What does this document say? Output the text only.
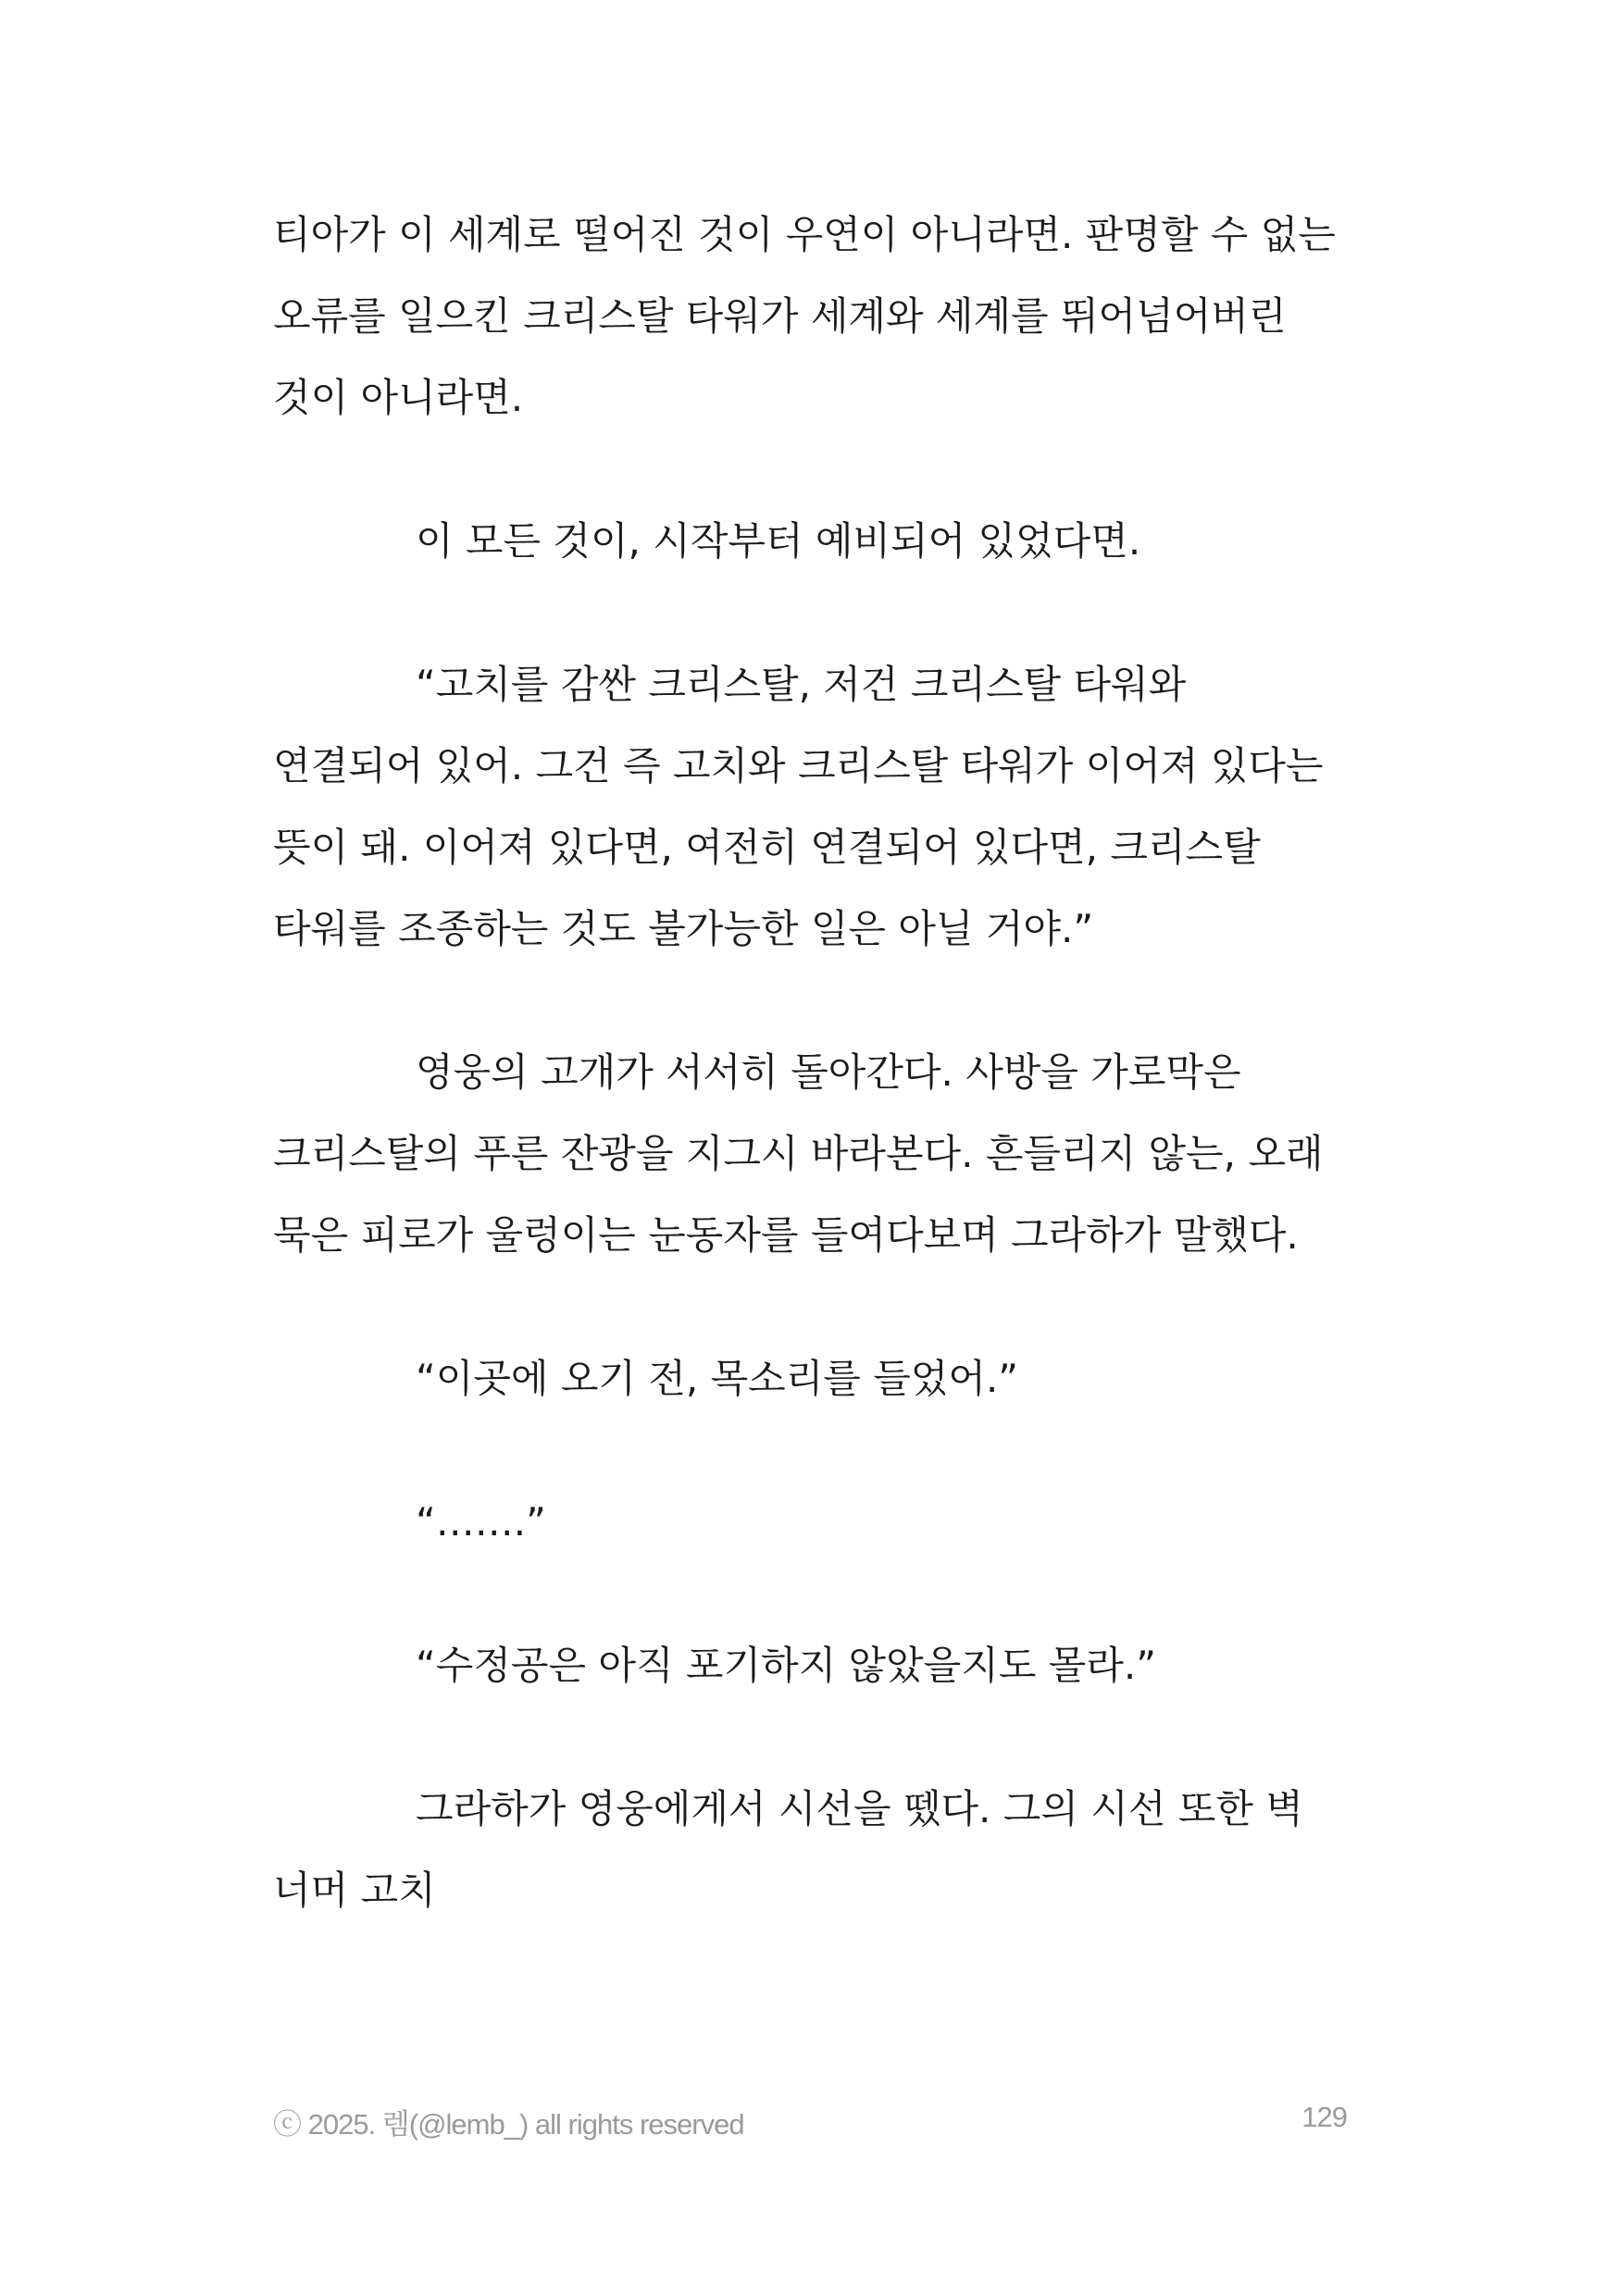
티아가 이 세계로 떨어진 것이 우연이 아니라면. 판명할 수 없는 오류를 일으킨 크리스탈 타워가 세계와 세계를 뛰어넘어버린 것이 아니라면.

이 모든 것이, 시작부터 예비되어 있었다면.

“고치를 감싼 크리스탈, 저건 크리스탈 타워와 연결되어 있어. 그건 즉 고치와 크리스탈 타워가 이어져 있다는 뜻이 돼. 이어져 있다면, 여전히 연결되어 있다면, 크리스탈 타워를 조종하는 것도 불가능한 일은 아닐 거야.”

영웅의 고개가 서서히 돌아간다. 사방을 가로막은 크리스탈의 푸른 잔광을 지그시 바라본다. 흔들리지 않는, 오래 묵은 피로가 울렁이는 눈동자를 들여다보며 그라하가 말했다.

“이곳에 오기 전, 목소리를 들었어.”

“…….”

“수정공은 아직 포기하지 않았을지도 몰라.”

그라하가 영웅에게서 시선을 뗐다. 그의 시선 또한 벽 너머 고치

ⓒ 2025. 렘(@lemb_) all rights reserved	129
